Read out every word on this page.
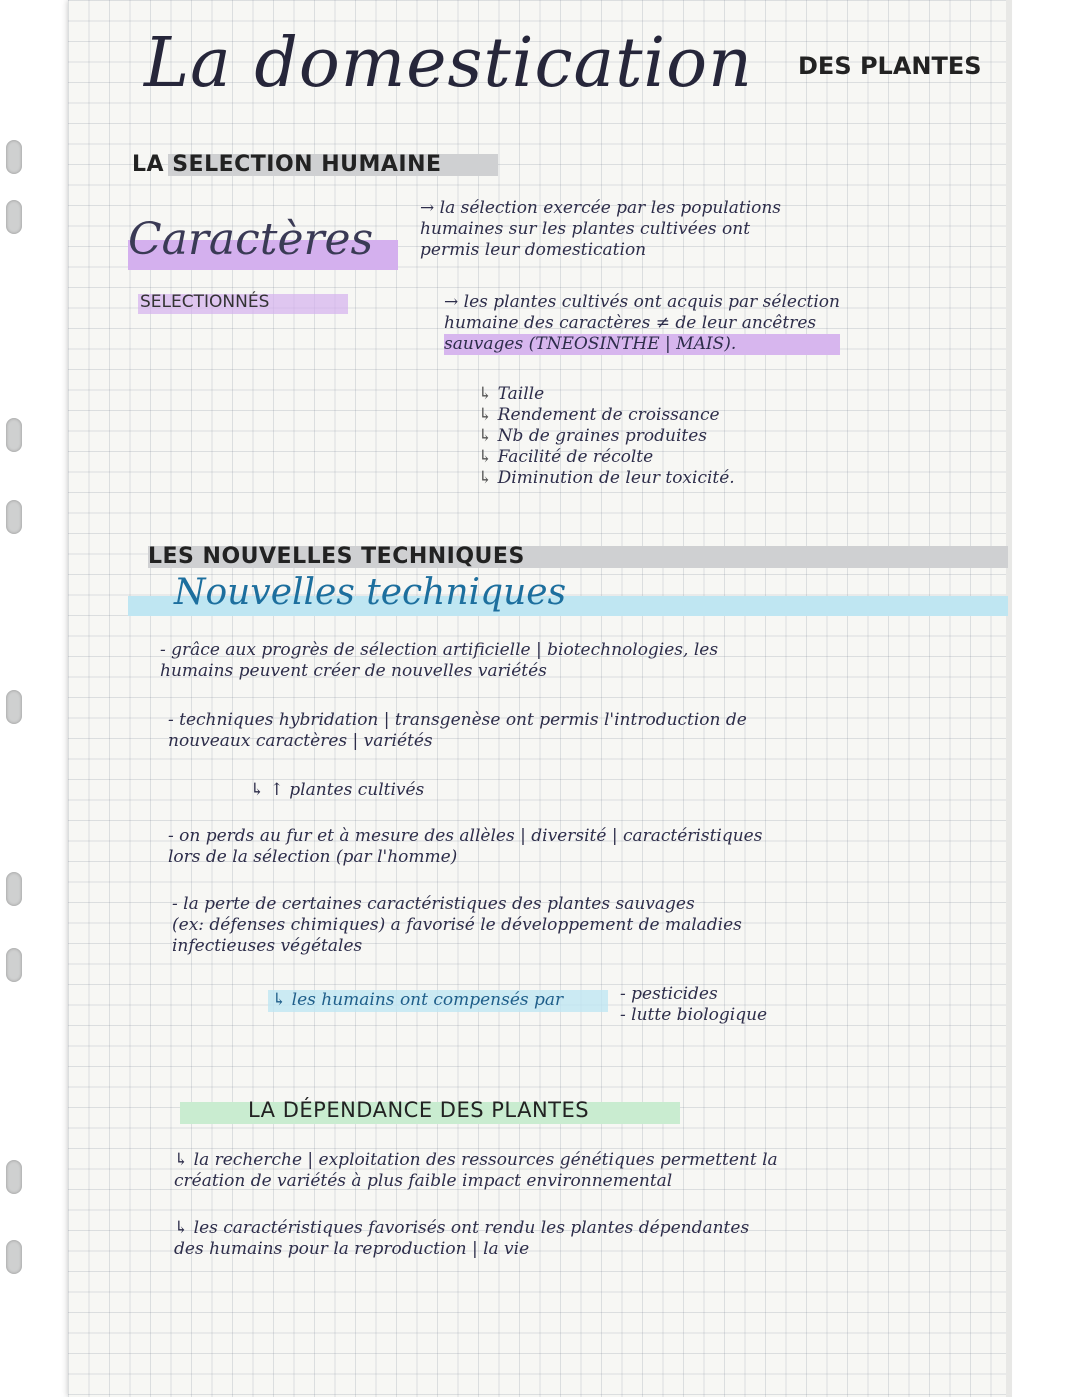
La domestication DES PLANTES
LA SELECTION HUMAINE
Caractères
SELECTIONNÉS
→ la sélection exercée par les populations
humaines sur les plantes cultivées ont
permis leur domestication
→ les plantes cultivés ont acquis par sélection
humaine des caractères ≠ de leur ancêtres
sauvages (TNEOSINTHE | MAIS).
↳ Taille
↳ Rendement de croissance
↳ Nb de graines produites
↳ Facilité de récolte
↳ Diminution de leur toxicité.
LES NOUVELLES TECHNIQUES
Nouvelles techniques
- grâce aux progrès de sélection artificielle | biotechnologies, les
humains peuvent créer de nouvelles variétés
- techniques hybridation | transgenèse ont permis l'introduction de
nouveaux caractères | variétés
↳ ↑ plantes cultivés
- on perds au fur et à mesure des allèles | diversité | caractéristiques
lors de la sélection (par l'homme)
- la perte de certaines caractéristiques des plantes sauvages
(ex: défenses chimiques) a favorisé le développement de maladies
infectieuses végétales
↳ les humains ont compensés par	- pesticides
- lutte biologique
LA DÉPENDANCE DES PLANTES
↳ la recherche | exploitation des ressources génétiques permettent la
création de variétés à plus faible impact environnemental
↳ les caractéristiques favorisés ont rendu les plantes dépendantes
des humains pour la reproduction | la vie
